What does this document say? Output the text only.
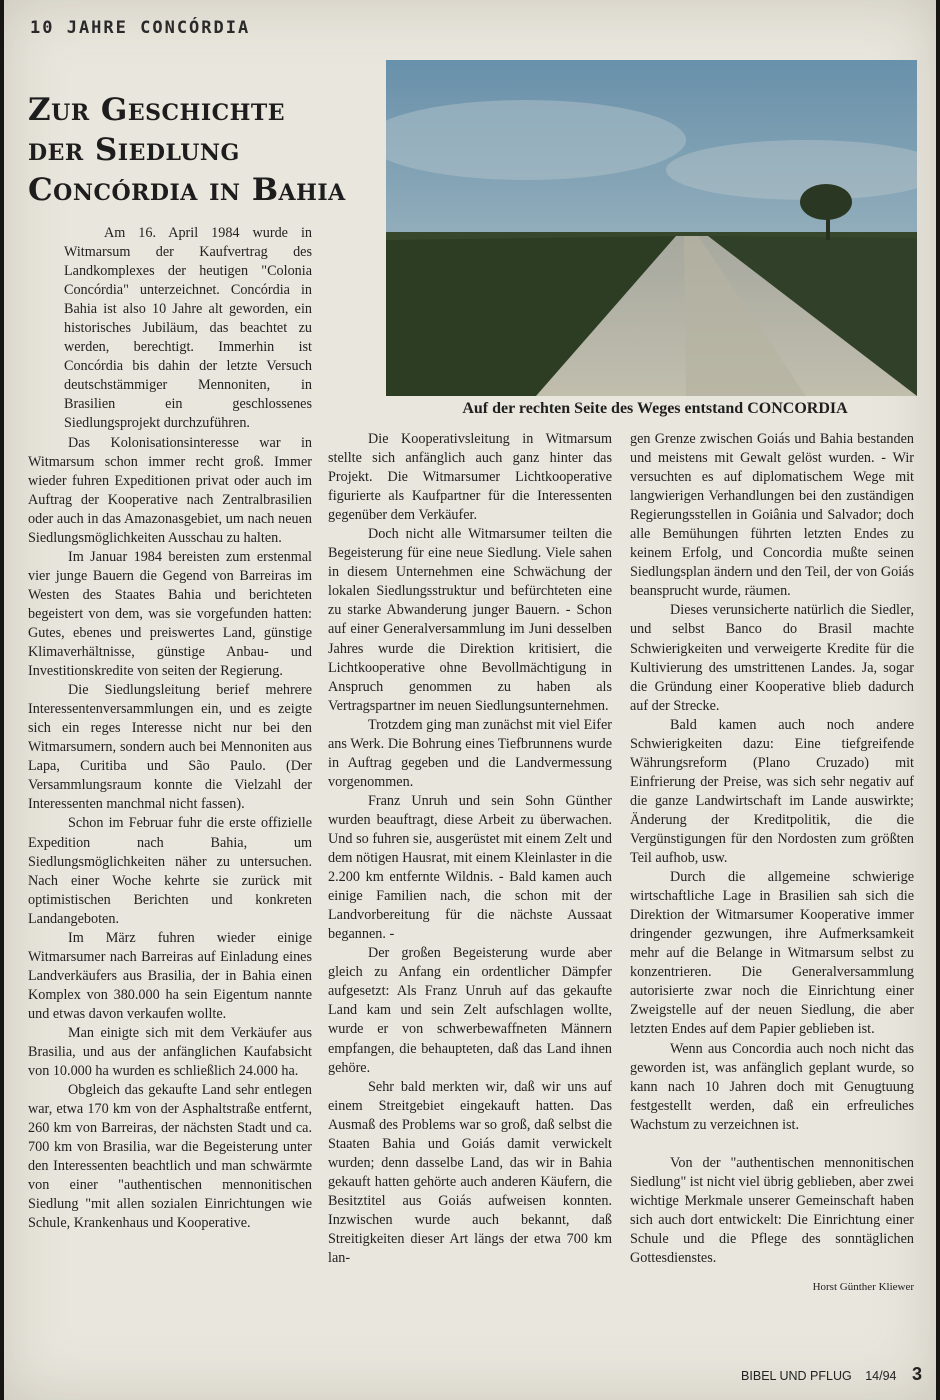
10 JAHRE CONCÓRDIA
Zur Geschichte
der Siedlung
Concórdia in Bahia
Auf der rechten Seite des Weges entstand CONCORDIA

Am 16. April 1984 wurde in Witmarsum der Kaufvertrag des Landkomplexes der heutigen "Colonia Concórdia" unterzeichnet. Concórdia in Bahia ist also 10 Jahre alt geworden, ein historisches Jubiläum, das beachtet zu werden, berechtigt. Immerhin ist Concórdia bis dahin der letzte Versuch deutschstämmiger Mennoniten, in Brasilien ein geschlossenes Siedlungsprojekt durchzuführen.

Das Kolonisationsinteresse war in Witmarsum schon immer recht groß. Immer wieder fuhren Expeditionen privat oder auch im Auftrag der Kooperative nach Zentralbrasilien oder auch in das Amazonasgebiet, um nach neuen Siedlungsmöglichkeiten Ausschau zu halten.

Im Januar 1984 bereisten zum erstenmal vier junge Bauern die Gegend von Barreiras im Westen des Staates Bahia und berichteten begeistert von dem, was sie vorgefunden hatten: Gutes, ebenes und preiswertes Land, günstige Klimaverhältnisse, günstige Anbau- und Investitionskredite von seiten der Regierung.

Die Siedlungsleitung berief mehrere Interessentenversammlungen ein, und es zeigte sich ein reges Interesse nicht nur bei den Witmarsumern, sondern auch bei Mennoniten aus Lapa, Curitiba und São Paulo. (Der Versammlungsraum konnte die Vielzahl der Interessenten manchmal nicht fassen).

Schon im Februar fuhr die erste offizielle Expedition nach Bahia, um Siedlungsmöglichkeiten näher zu untersuchen. Nach einer Woche kehrte sie zurück mit optimistischen Berichten und konkreten Landangeboten.

Im März fuhren wieder einige Witmarsumer nach Barreiras auf Einladung eines Landverkäufers aus Brasilia, der in Bahia einen Komplex von 380.000 ha sein Eigentum nannte und etwas davon verkaufen wollte.

Man einigte sich mit dem Verkäufer aus Brasilia, und aus der anfänglichen Kaufabsicht von 10.000 ha wurden es schließlich 24.000 ha.

Obgleich das gekaufte Land sehr entlegen war, etwa 170 km von der Asphaltstraße entfernt, 260 km von Barreiras, der nächsten Stadt und ca. 700 km von Brasilia, war die Begeisterung unter den Interessenten beachtlich und man schwärmte von einer "authentischen mennonitischen Siedlung "mit allen sozialen Einrichtungen wie Schule, Krankenhaus und Kooperative.

Die Kooperativsleitung in Witmarsum stellte sich anfänglich auch ganz hinter das Projekt. Die Witmarsumer Lichtkooperative figurierte als Kaufpartner für die Interessenten gegenüber dem Verkäufer.

Doch nicht alle Witmarsumer teilten die Begeisterung für eine neue Siedlung. Viele sahen in diesem Unternehmen eine Schwächung der lokalen Siedlungsstruktur und befürchteten eine zu starke Abwanderung junger Bauern. - Schon auf einer Generalversammlung im Juni desselben Jahres wurde die Direktion kritisiert, die Lichtkooperative ohne Bevollmächtigung in Anspruch genommen zu haben als Vertragspartner im neuen Siedlungsunternehmen.

Trotzdem ging man zunächst mit viel Eifer ans Werk. Die Bohrung eines Tiefbrunnens wurde in Auftrag gegeben und die Landvermessung vorgenommen.

Franz Unruh und sein Sohn Günther wurden beauftragt, diese Arbeit zu überwachen. Und so fuhren sie, ausgerüstet mit einem Zelt und dem nötigen Hausrat, mit einem Kleinlaster in die 2.200 km entfernte Wildnis. - Bald kamen auch einige Familien nach, die schon mit der Landvorbereitung für die nächste Aussaat begannen. -

Der großen Begeisterung wurde aber gleich zu Anfang ein ordentlicher Dämpfer aufgesetzt: Als Franz Unruh auf das gekaufte Land kam und sein Zelt aufschlagen wollte, wurde er von schwerbewaffneten Männern empfangen, die behaupteten, daß das Land ihnen gehöre.

Sehr bald merkten wir, daß wir uns auf einem Streitgebiet eingekauft hatten. Das Ausmaß des Problems war so groß, daß selbst die Staaten Bahia und Goiás damit verwickelt wurden; denn dasselbe Land, das wir in Bahia gekauft hatten gehörte auch anderen Käufern, die Besitztitel aus Goiás aufweisen konnten. Inzwischen wurde auch bekannt, daß Streitigkeiten dieser Art längs der etwa 700 km lan-

gen Grenze zwischen Goiás und Bahia bestanden und meistens mit Gewalt gelöst wurden. - Wir versuchten es auf diplomatischem Wege mit langwierigen Verhandlungen bei den zuständigen Regierungsstellen in Goiânia und Salvador; doch alle Bemühungen führten letzten Endes zu keinem Erfolg, und Concordia mußte seinen Siedlungsplan ändern und den Teil, der von Goiás beansprucht wurde, räumen.

Dieses verunsicherte natürlich die Siedler, und selbst Banco do Brasil machte Schwierigkeiten und verweigerte Kredite für die Kultivierung des umstrittenen Landes. Ja, sogar die Gründung einer Kooperative blieb dadurch auf der Strecke.

Bald kamen auch noch andere Schwierigkeiten dazu: Eine tiefgreifende Währungsreform (Plano Cruzado) mit Einfrierung der Preise, was sich sehr negativ auf die ganze Landwirtschaft im Lande auswirkte; Änderung der Kreditpolitik, die die Vergünstigungen für den Nordosten zum größten Teil aufhob, usw.

Durch die allgemeine schwierige wirtschaftliche Lage in Brasilien sah sich die Direktion der Witmarsumer Kooperative immer dringender gezwungen, ihre Aufmerksamkeit mehr auf die Belange in Witmarsum selbst zu konzentrieren. Die Generalversammlung autorisierte zwar noch die Einrichtung einer Zweigstelle auf der neuen Siedlung, die aber letzten Endes auf dem Papier geblieben ist.

Wenn aus Concordia auch noch nicht das geworden ist, was anfänglich geplant wurde, so kann nach 10 Jahren doch mit Genugtuung festgestellt werden, daß ein erfreuliches Wachstum zu verzeichnen ist.

Von der "authentischen mennonitischen Siedlung" ist nicht viel übrig geblieben, aber zwei wichtige Merkmale unserer Gemeinschaft haben sich auch dort entwickelt: Die Einrichtung einer Schule und die Pflege des sonntäglichen Gottesdienstes.

Horst Günther Kliewer
BIBEL UND PFLUG 14/94 3
